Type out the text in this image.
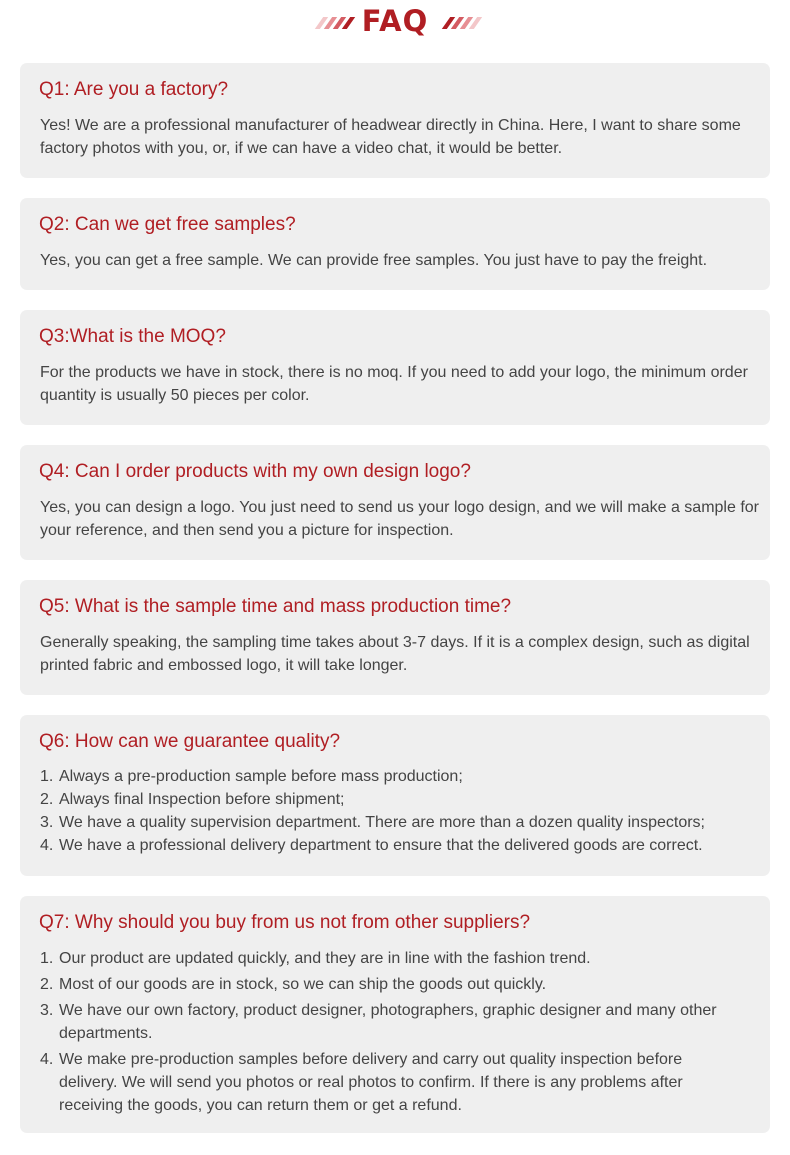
FAQ
Q1: Are you a factory?

Yes! We are a professional manufacturer of headwear directly in China. Here, I want to share some factory photos with you, or, if we can have a video chat, it would be better.

Q2: Can we get free samples?

Yes, you can get a free sample. We can provide free samples. You just have to pay the freight.

Q3:What is the MOQ?

For the products we have in stock, there is no moq. If you need to add your logo, the minimum order quantity is usually 50 pieces per color.

Q4: Can I order products with my own design logo?

Yes, you can design a logo. You just need to send us your logo design, and we will make a sample for your reference, and then send you a picture for inspection.

Q5: What is the sample time and mass production time?

Generally speaking, the sampling time takes about 3-7 days. If it is a complex design, such as digital printed fabric and embossed logo, it will take longer.

Q6: How can we guarantee quality?
1. Always a pre-production sample before mass production;
2. Always final Inspection before shipment;
3. We have a quality supervision department. There are more than a dozen quality inspectors;
4. We have a professional delivery department to ensure that the delivered goods are correct.
Q7: Why should you buy from us not from other suppliers?
1. Our product are updated quickly, and they are in line with the fashion trend.
2. Most of our goods are in stock, so we can ship the goods out quickly.
3. We have our own factory, product designer, photographers, graphic designer and many other departments.
4. We make pre-production samples before delivery and carry out quality inspection before delivery. We will send you photos or real photos to confirm. If there is any problems after receiving the goods, you can return them or get a refund.
